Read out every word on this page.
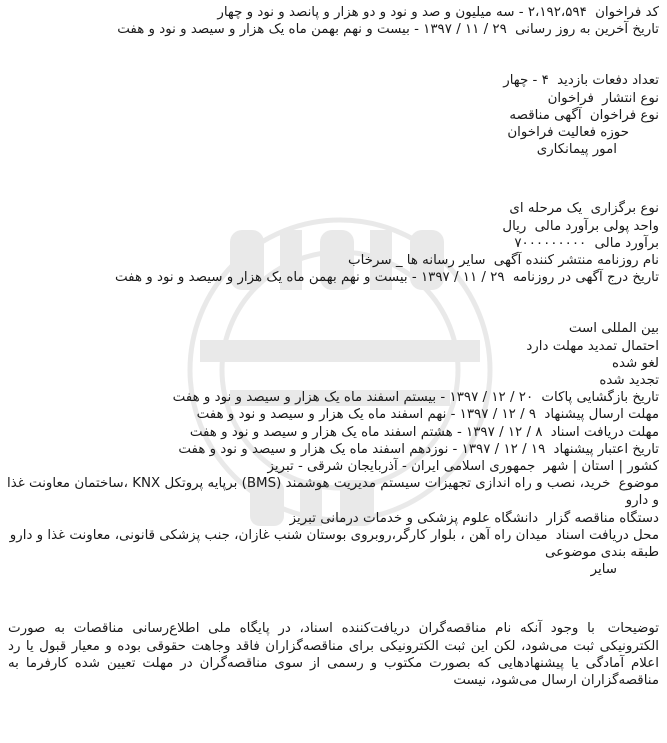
کد فراخوان ۲،۱۹۲،۵۹۴ - سه میلیون و صد و نود و دو هزار و پانصد و نود و چهار
تاریخ آخرین به روز رسانی ۲۹ / ۱۱ / ۱۳۹۷ - بیست و نهم بهمن ماه یک هزار و سیصد و نود و هفت
تعداد دفعات بازدید ۴ - چهار
نوع انتشار فراخوان
نوع فراخوان آگهی مناقصه
حوزه فعالیت فراخوان
امور پیمانکاری
نوع برگزاری یک مرحله ای
واحد پولی برآورد مالی ریال
برآورد مالی ۷۰۰۰۰۰۰۰۰۰
نام روزنامه منتشر کننده آگهی سایر رسانه ها _ سرخاب
تاریخ درج آگهی در روزنامه ۲۹ / ۱۱ / ۱۳۹۷ - بیست و نهم بهمن ماه یک هزار و سیصد و نود و هفت
بین المللی است
احتمال تمدید مهلت دارد
لغو شده
تجدید شده
تاریخ بازگشایی پاکات ۲۰ / ۱۲ / ۱۳۹۷ - بیستم اسفند ماه یک هزار و سیصد و نود و هفت
مهلت ارسال پیشنهاد ۹ / ۱۲ / ۱۳۹۷ - نهم اسفند ماه یک هزار و سیصد و نود و هفت
مهلت دریافت اسناد ۸ / ۱۲ / ۱۳۹۷ - هشتم اسفند ماه یک هزار و سیصد و نود و هفت
تاریخ اعتبار پیشنهاد ۱۹ / ۱۲ / ۱۳۹۷ - نوزدهم اسفند ماه یک هزار و سیصد و نود و هفت
کشور | استان | شهر جمهوری اسلامی ایران - آذربایجان شرقی - تبریز
موضوع خرید، نصب و راه اندازی تجهیزات سیستم مدیریت هوشمند (BMS) برپایه پروتکل KNX ،ساختمان معاونت غذا و دارو
دستگاه مناقصه گزار دانشگاه علوم پزشکی و خدمات درمانی تبریز
محل دریافت اسناد میدان راه آهن ، بلوار کارگر،روبروی بوستان شنب غازان، جنب پزشکی قانونی، معاونت غذا و دارو
طبقه بندی موضوعی
سایر
توضیحات با وجود آنکه نام مناقصه‌گران دریافت‌کننده اسناد، در پایگاه ملی اطلاع‌رسانی مناقصات به صورت الکترونیکی ثبت می‌شود، لکن این ثبت الکترونیکی برای مناقصه‌گزاران فاقد وجاهت حقوقی بوده و معیار قبول یا رد اعلام آمادگی یا پیشنهادهایی که بصورت مکتوب و رسمی از سوی مناقصه‌گران در مهلت تعیین شده کارفرما به مناقصه‌گزاران ارسال می‌شود، نیست
